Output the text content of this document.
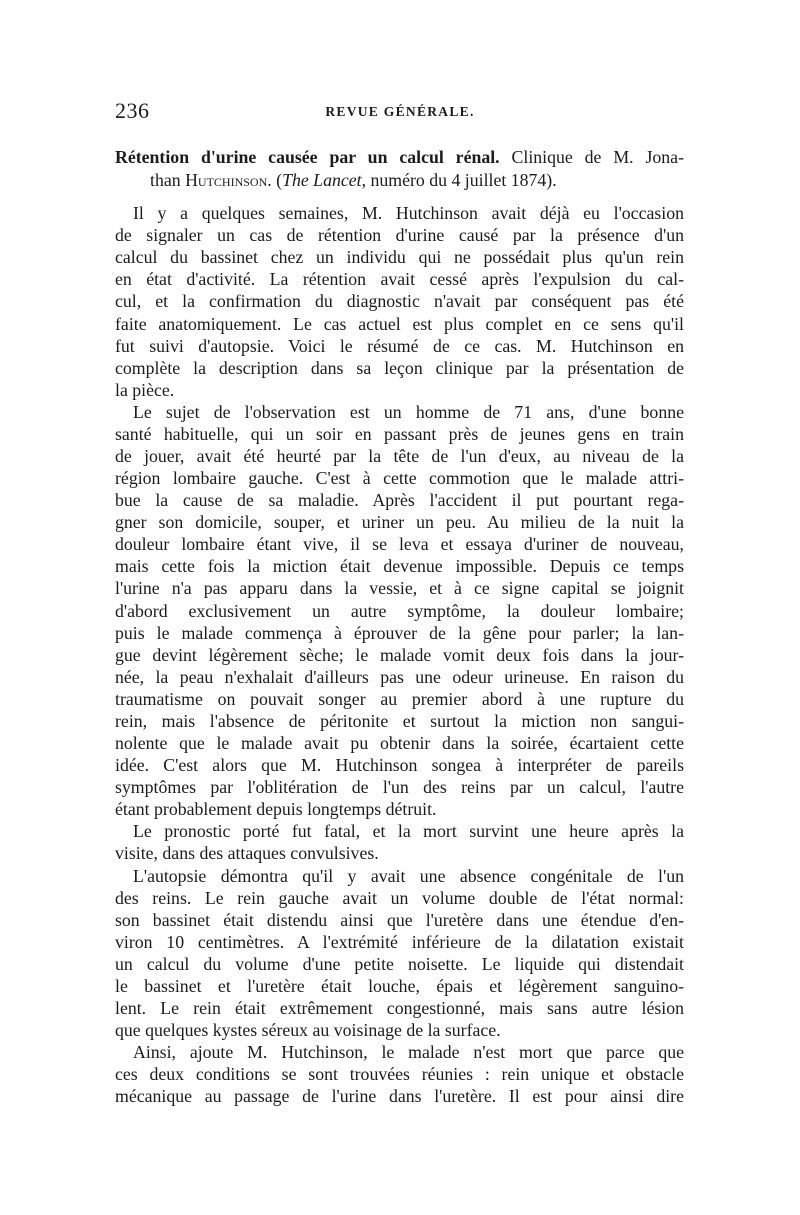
236	REVUE GÉNÉRALE.
Rétention d'urine causée par un calcul rénal. Clinique de M. Jona-
than Hutchinson. (The Lancet, numéro du 4 juillet 1874).
Il y a quelques semaines, M. Hutchinson avait déjà eu l'occasion
de signaler un cas de rétention d'urine causé par la présence d'un
calcul du bassinet chez un individu qui ne possédait plus qu'un rein
en état d'activité. La rétention avait cessé après l'expulsion du cal-
cul, et la confirmation du diagnostic n'avait par conséquent pas été
faite anatomiquement. Le cas actuel est plus complet en ce sens qu'il
fut suivi d'autopsie. Voici le résumé de ce cas. M. Hutchinson en
complète la description dans sa leçon clinique par la présentation de
la pièce.
Le sujet de l'observation est un homme de 71 ans, d'une bonne
santé habituelle, qui un soir en passant près de jeunes gens en train
de jouer, avait été heurté par la tête de l'un d'eux, au niveau de la
région lombaire gauche. C'est à cette commotion que le malade attri-
bue la cause de sa maladie. Après l'accident il put pourtant rega-
gner son domicile, souper, et uriner un peu. Au milieu de la nuit la
douleur lombaire étant vive, il se leva et essaya d'uriner de nouveau,
mais cette fois la miction était devenue impossible. Depuis ce temps
l'urine n'a pas apparu dans la vessie, et à ce signe capital se joignit
d'abord exclusivement un autre symptôme, la douleur lombaire;
puis le malade commença à éprouver de la gêne pour parler; la lan-
gue devint légèrement sèche; le malade vomit deux fois dans la jour-
née, la peau n'exhalait d'ailleurs pas une odeur urineuse. En raison du
traumatisme on pouvait songer au premier abord à une rupture du
rein, mais l'absence de péritonite et surtout la miction non sangui-
nolente que le malade avait pu obtenir dans la soirée, écartaient cette
idée. C'est alors que M. Hutchinson songea à interpréter de pareils
symptômes par l'oblitération de l'un des reins par un calcul, l'autre
étant probablement depuis longtemps détruit.
Le pronostic porté fut fatal, et la mort survint une heure après la
visite, dans des attaques convulsives.
L'autopsie démontra qu'il y avait une absence congénitale de l'un
des reins. Le rein gauche avait un volume double de l'état normal:
son bassinet était distendu ainsi que l'uretère dans une étendue d'en-
viron 10 centimètres. A l'extrémité inférieure de la dilatation existait
un calcul du volume d'une petite noisette. Le liquide qui distendait
le bassinet et l'uretère était louche, épais et légèrement sanguino-
lent. Le rein était extrêmement congestionné, mais sans autre lésion
que quelques kystes séreux au voisinage de la surface.
Ainsi, ajoute M. Hutchinson, le malade n'est mort que parce que
ces deux conditions se sont trouvées réunies : rein unique et obstacle
mécanique au passage de l'urine dans l'uretère. Il est pour ainsi dire
